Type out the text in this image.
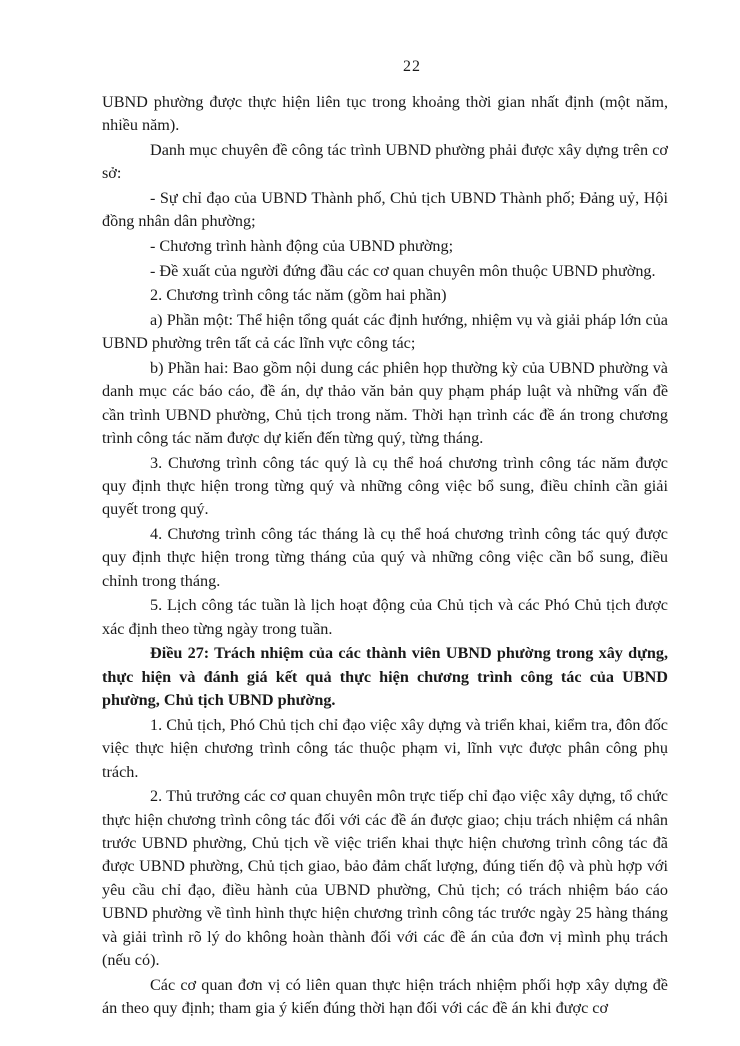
22

UBND phường được thực hiện liên tục trong khoảng thời gian nhất định (một năm, nhiều năm).

Danh mục chuyên đề công tác trình UBND phường phải được xây dựng trên cơ sở:

- Sự chỉ đạo của UBND Thành phố, Chủ tịch UBND Thành phố; Đảng uỷ, Hội đồng nhân dân phường;

- Chương trình hành động của UBND phường;

- Đề xuất của người đứng đầu các cơ quan chuyên môn thuộc UBND phường.

2. Chương trình công tác năm (gồm hai phần)

a) Phần một: Thể hiện tổng quát các định hướng, nhiệm vụ và giải pháp lớn của UBND phường trên tất cả các lĩnh vực công tác;

b) Phần hai: Bao gồm nội dung các phiên họp thường kỳ của UBND phường và danh mục các báo cáo, đề án, dự thảo văn bản quy phạm pháp luật và những vấn đề cần trình UBND phường, Chủ tịch trong năm. Thời hạn trình các đề án trong chương trình công tác năm được dự kiến đến từng quý, từng tháng.

3. Chương trình công tác quý là cụ thể hoá chương trình công tác năm được quy định thực hiện trong từng quý và những công việc bổ sung, điều chỉnh cần giải quyết trong quý.

4. Chương trình công tác tháng là cụ thể hoá chương trình công tác quý được quy định thực hiện trong từng tháng của quý và những công việc cần bổ sung, điều chỉnh trong tháng.

5. Lịch công tác tuần là lịch hoạt động của Chủ tịch và các Phó Chủ tịch được xác định theo từng ngày trong tuần.

Điều 27: Trách nhiệm của các thành viên UBND phường trong xây dựng, thực hiện và đánh giá kết quả thực hiện chương trình công tác của UBND phường, Chủ tịch UBND phường.

1. Chủ tịch, Phó Chủ tịch chỉ đạo việc xây dựng và triển khai, kiểm tra, đôn đốc việc thực hiện chương trình công tác thuộc phạm vi, lĩnh vực được phân công phụ trách.

2. Thủ trưởng các cơ quan chuyên môn trực tiếp chỉ đạo việc xây dựng, tổ chức thực hiện chương trình công tác đối với các đề án được giao; chịu trách nhiệm cá nhân trước UBND phường, Chủ tịch về việc triển khai thực hiện chương trình công tác đã được UBND phường, Chủ tịch giao, bảo đảm chất lượng, đúng tiến độ và phù hợp với yêu cầu chỉ đạo, điều hành của UBND phường, Chủ tịch; có trách nhiệm báo cáo UBND phường về tình hình thực hiện chương trình công tác trước ngày 25 hàng tháng và giải trình rõ lý do không hoàn thành đối với các đề án của đơn vị mình phụ trách (nếu có).

Các cơ quan đơn vị có liên quan thực hiện trách nhiệm phối hợp xây dựng đề án theo quy định; tham gia ý kiến đúng thời hạn đối với các đề án khi được cơ
